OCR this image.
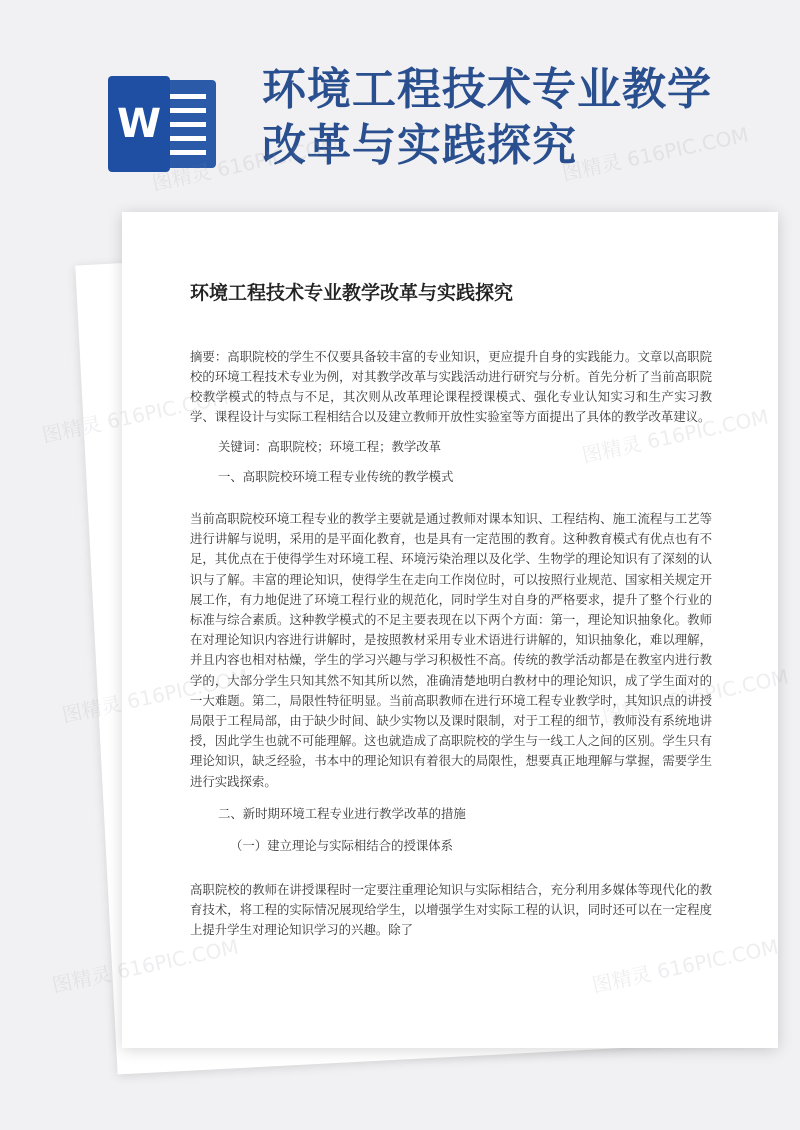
W
环境工程技术专业教学
改革与实践探究
环境工程技术专业教学改革与实践探究

摘要：高职院校的学生不仅要具备较丰富的专业知识，更应提升自身的实践能力。文章以高职院校的环境工程技术专业为例，对其教学改革与实践活动进行研究与分析。首先分析了当前高职院校教学模式的特点与不足，其次则从改革理论课程授课模式、强化专业认知实习和生产实习教学、课程设计与实际工程相结合以及建立教师开放性实验室等方面提出了具体的教学改革建议。

关键词：高职院校；环境工程；教学改革

一、高职院校环境工程专业传统的教学模式

当前高职院校环境工程专业的教学主要就是通过教师对课本知识、工程结构、施工流程与工艺等进行讲解与说明，采用的是平面化教育，也是具有一定范围的教育。这种教育模式有优点也有不足，其优点在于使得学生对环境工程、环境污染治理以及化学、生物学的理论知识有了深刻的认识与了解。丰富的理论知识，使得学生在走向工作岗位时，可以按照行业规范、国家相关规定开展工作，有力地促进了环境工程行业的规范化，同时学生对自身的严格要求，提升了整个行业的标准与综合素质。这种教学模式的不足主要表现在以下两个方面：第一，理论知识抽象化。教师在对理论知识内容进行讲解时，是按照教材采用专业术语进行讲解的，知识抽象化，难以理解，并且内容也相对枯燥，学生的学习兴趣与学习积极性不高。传统的教学活动都是在教室内进行教学的，大部分学生只知其然不知其所以然，准确清楚地明白教材中的理论知识，成了学生面对的一大难题。第二，局限性特征明显。当前高职教师在进行环境工程专业教学时，其知识点的讲授局限于工程局部，由于缺少时间、缺少实物以及课时限制，对于工程的细节，教师没有系统地讲授，因此学生也就不可能理解。这也就造成了高职院校的学生与一线工人之间的区别。学生只有理论知识，缺乏经验，书本中的理论知识有着很大的局限性，想要真正地理解与掌握，需要学生进行实践探索。

二、新时期环境工程专业进行教学改革的措施

（一）建立理论与实际相结合的授课体系

高职院校的教师在讲授课程时一定要注重理论知识与实际相结合，充分利用多媒体等现代化的教育技术，将工程的实际情况展现给学生，以增强学生对实际工程的认识，同时还可以在一定程度上提升学生对理论知识学习的兴趣。除了

图精灵 616PIC.COM	图精灵 616PIC.COM
图精灵
图精灵
图精灵
